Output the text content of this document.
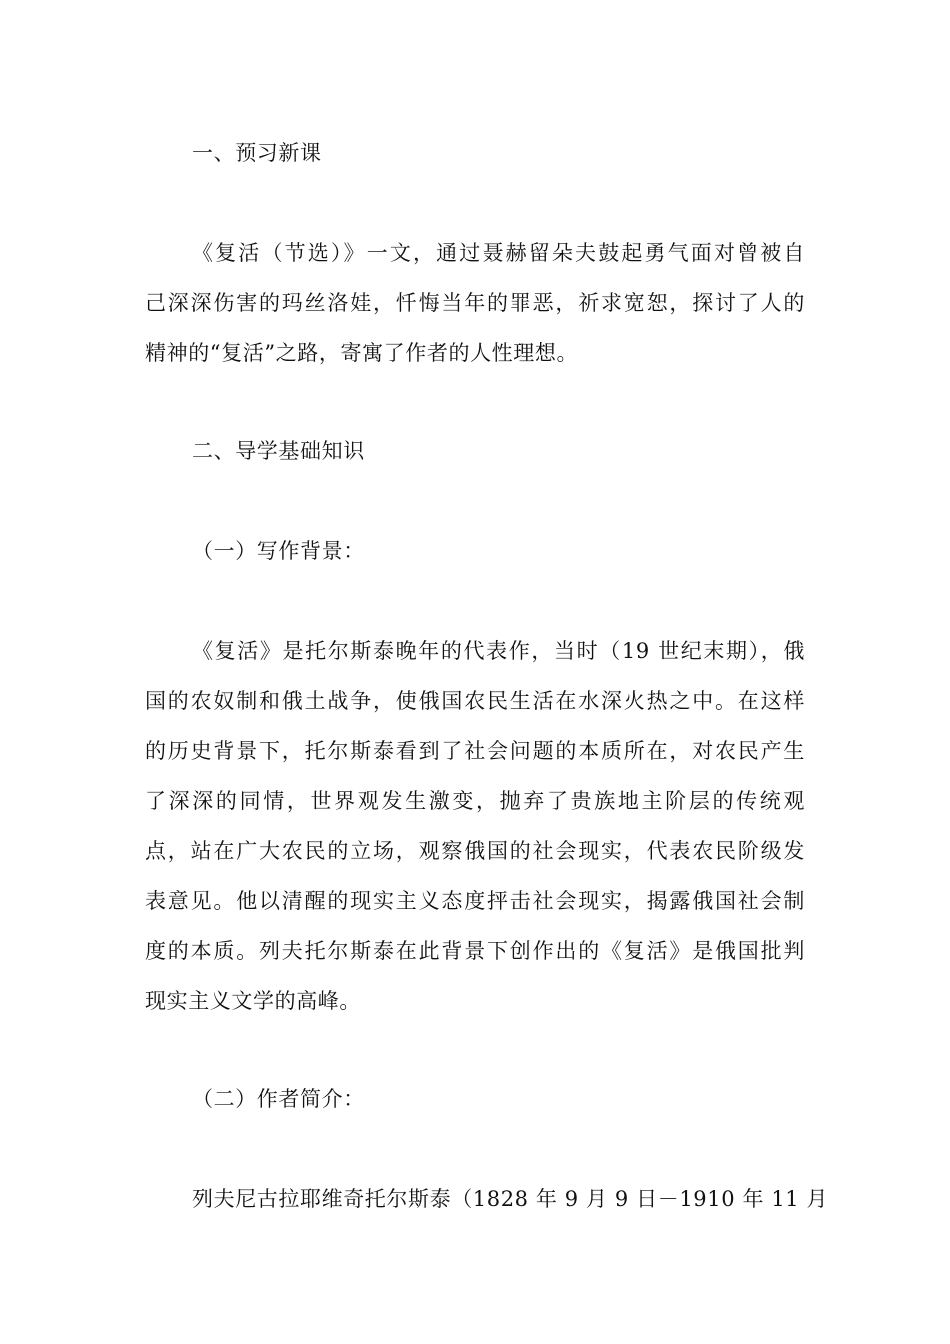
一、预习新课
《复活（节选）》一文，通过聂赫留朵夫鼓起勇气面对曾被自
己深深伤害的玛丝洛娃，忏悔当年的罪恶，祈求宽恕，探讨了人的
精神的“复活”之路，寄寓了作者的人性理想。
二、导学基础知识
（一）写作背景：
《复活》是托尔斯泰晚年的代表作，当时（19 世纪末期），俄
国的农奴制和俄土战争，使俄国农民生活在水深火热之中。在这样
的历史背景下，托尔斯泰看到了社会问题的本质所在，对农民产生
了深深的同情，世界观发生激变，抛弃了贵族地主阶层的传统观
点，站在广大农民的立场，观察俄国的社会现实，代表农民阶级发
表意见。他以清醒的现实主义态度抨击社会现实，揭露俄国社会制
度的本质。列夫托尔斯泰在此背景下创作出的《复活》是俄国批判
现实主义文学的高峰。
（二）作者简介：
列夫尼古拉耶维奇托尔斯泰（1828 年 9 月 9 日－1910 年 11 月
